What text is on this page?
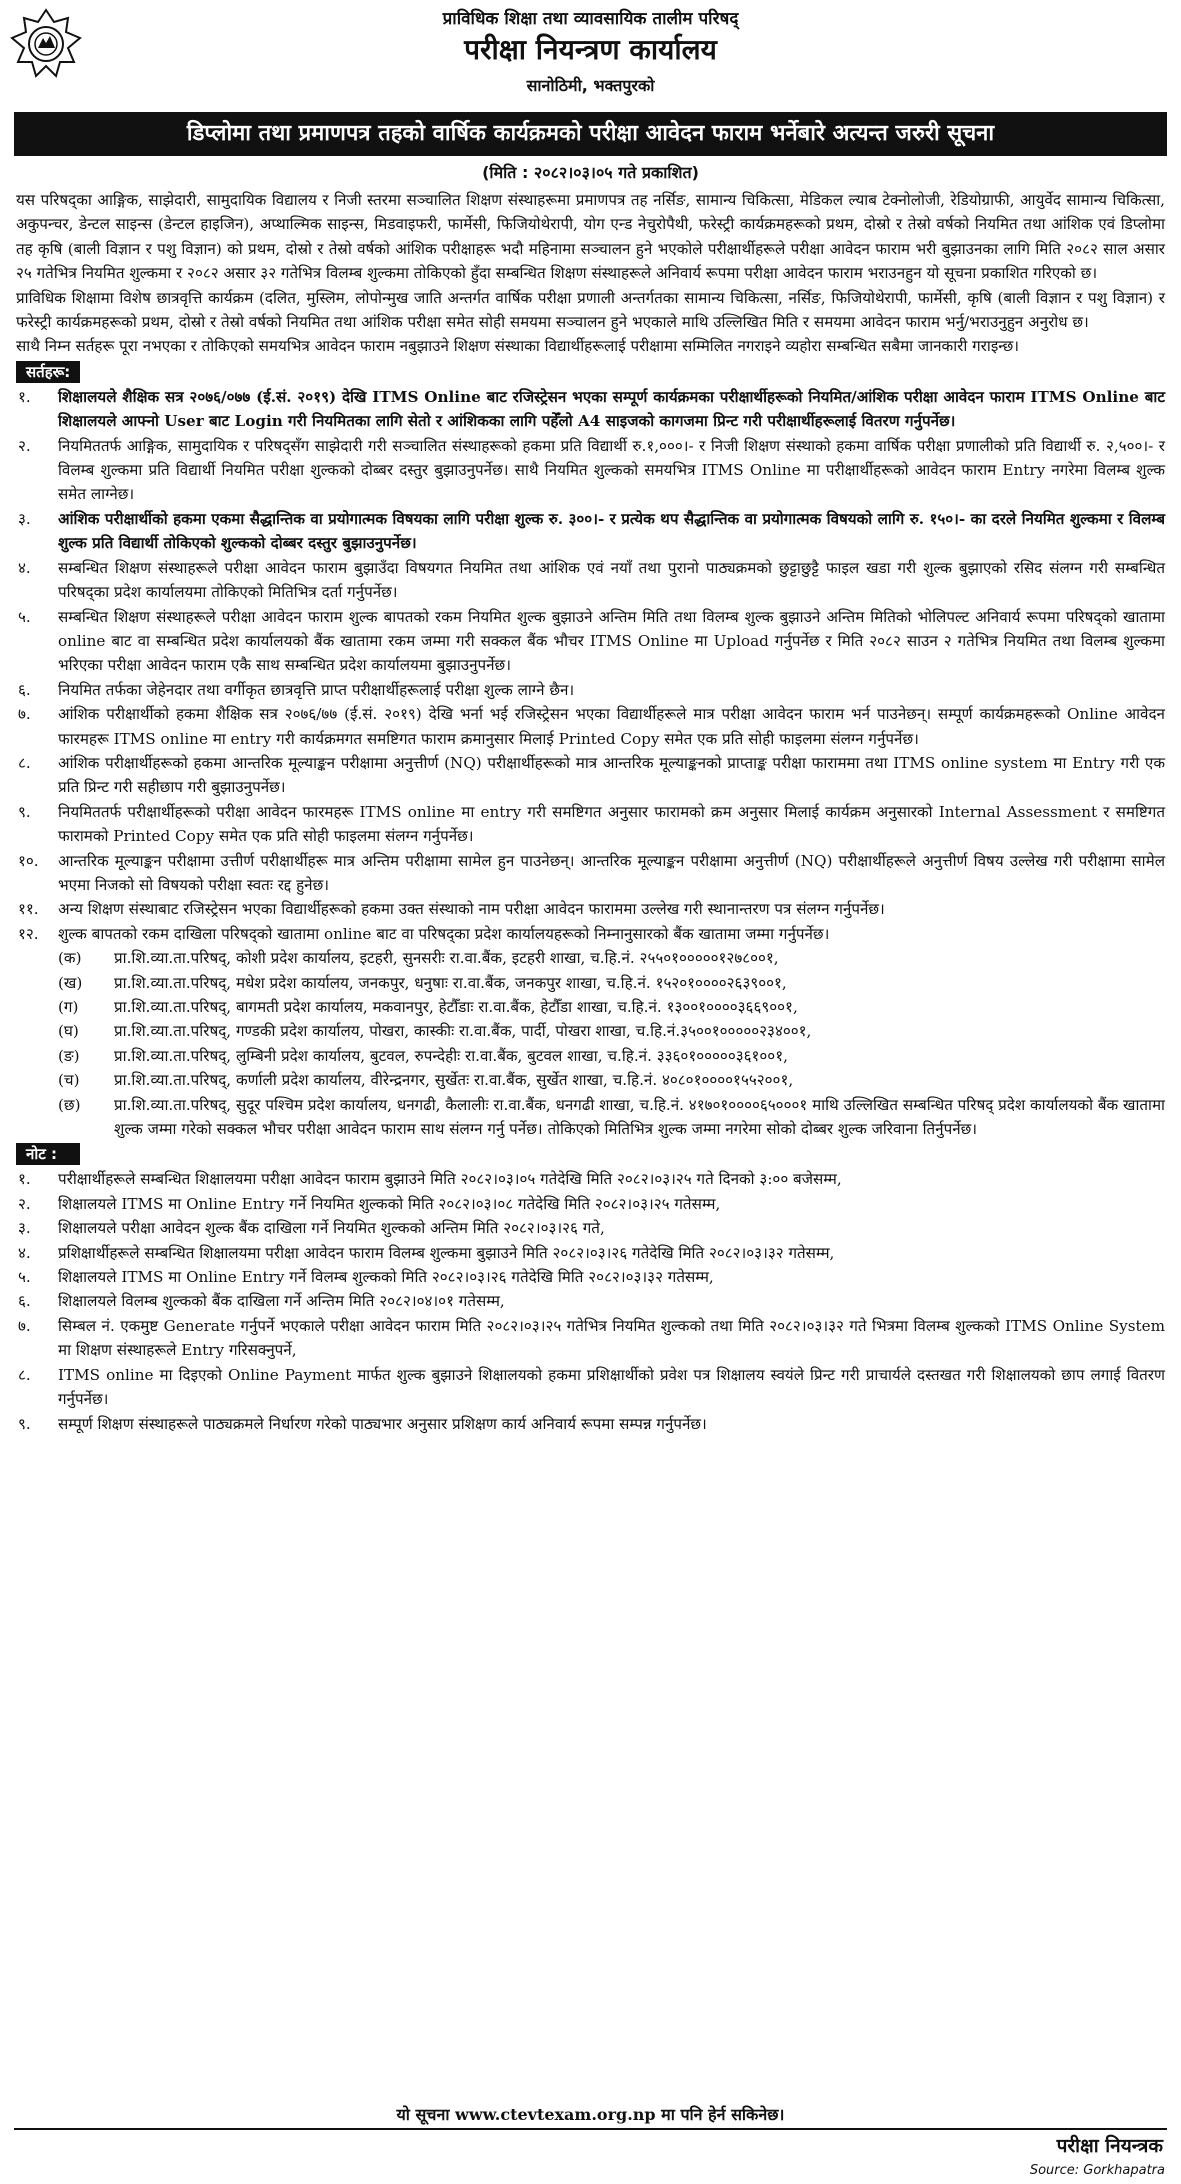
प्राविधिक शिक्षा तथा व्यावसायिक तालीम परिषद्
परीक्षा नियन्त्रण कार्यालय
सानोठिमी, भक्तपुरको
डिप्लोमा तथा प्रमाणपत्र तहको वार्षिक कार्यक्रमको परीक्षा आवेदन फाराम भर्नेबारे अत्यन्त जरुरी सूचना
(मिति : २०८२।०३।०५ गते प्रकाशित)

यस परिषद्का आङ्गिक, साझेदारी, सामुदायिक विद्यालय र निजी स्तरमा सञ्चालित शिक्षण संस्थाहरूमा प्रमाणपत्र तह नर्सिङ, सामान्य चिकित्सा, मेडिकल ल्याब टेक्नोलोजी, रेडियोग्राफी, आयुर्वेद सामान्य चिकित्सा, अकुपन्चर, डेन्टल साइन्स (डेन्टल हाइजिन), अप्थाल्मिक साइन्स, मिडवाइफरी, फार्मेसी, फिजियोथेरापी, योग एन्ड नेचुरोपैथी, फरेस्ट्री कार्यक्रमहरूको प्रथम, दोस्रो र तेस्रो वर्षको नियमित तथा आंशिक एवं डिप्लोमा तह कृषि (बाली विज्ञान र पशु विज्ञान) को प्रथम, दोस्रो र तेस्रो वर्षको आंशिक परीक्षाहरू भदौ महिनामा सञ्चालन हुने भएकोले परीक्षार्थीहरूले परीक्षा आवेदन फाराम भरी बुझाउनका लागि मिति २०८२ साल असार २५ गतेभित्र नियमित शुल्कमा र २०८२ असार ३२ गतेभित्र विलम्ब शुल्कमा तोकिएको हुँदा सम्बन्धित शिक्षण संस्थाहरूले अनिवार्य रूपमा परीक्षा आवेदन फाराम भराउनहुन यो सूचना प्रकाशित गरिएको छ।

प्राविधिक शिक्षामा विशेष छात्रवृत्ति कार्यक्रम (दलित, मुस्लिम, लोपोन्मुख जाति अन्तर्गत वार्षिक परीक्षा प्रणाली अन्तर्गतका सामान्य चिकित्सा, नर्सिङ, फिजियोथेरापी, फार्मेसी, कृषि (बाली विज्ञान र पशु विज्ञान) र फरेस्ट्री कार्यक्रमहरूको प्रथम, दोस्रो र तेस्रो वर्षको नियमित तथा आंशिक परीक्षा समेत सोही समयमा सञ्चालन हुने भएकाले माथि उल्लिखित मिति र समयमा आवेदन फाराम भर्नु/भराउनुहुन अनुरोध छ।

साथै निम्न सर्तहरू पूरा नभएका र तोकिएको समयभित्र आवेदन फाराम नबुझाउने शिक्षण संस्थाका विद्यार्थीहरूलाई परीक्षामा सम्मिलित नगराइने व्यहोरा सम्बन्धित सबैमा जानकारी गराइन्छ।

सर्तहरू:
१.	शिक्षालयले शैक्षिक सत्र २०७६/०७७ (ई.सं. २०१९) देखि ITMS Online बाट रजिस्ट्रेसन भएका सम्पूर्ण कार्यक्रमका परीक्षार्थीहरूको नियमित/आंशिक परीक्षा आवेदन फाराम ITMS Online बाट शिक्षालयले आफ्नो User बाट Login गरी नियमितका लागि सेतो र आंशिकका लागि पहेँलो A4 साइजको कागजमा प्रिन्ट गरी परीक्षार्थीहरूलाई वितरण गर्नुपर्नेछ।
२.	नियमिततर्फ आङ्गिक, सामुदायिक र परिषद्सँग साझेदारी गरी सञ्चालित संस्थाहरूको हकमा प्रति विद्यार्थी रु.१,०००।- र निजी शिक्षण संस्थाको हकमा वार्षिक परीक्षा प्रणालीको प्रति विद्यार्थी रु. २,५००।- र विलम्ब शुल्कमा प्रति विद्यार्थी नियमित परीक्षा शुल्कको दोब्बर दस्तुर बुझाउनुपर्नेछ। साथै नियमित शुल्कको समयभित्र ITMS Online मा परीक्षार्थीहरूको आवेदन फाराम Entry नगरेमा विलम्ब शुल्क समेत लाग्नेछ।
३.	आंशिक परीक्षार्थीको हकमा एकमा सैद्धान्तिक वा प्रयोगात्मक विषयका लागि परीक्षा शुल्क रु. ३००।- र प्रत्येक थप सैद्धान्तिक वा प्रयोगात्मक विषयको लागि रु. १५०।- का दरले नियमित शुल्कमा र विलम्ब शुल्क प्रति विद्यार्थी तोकिएको शुल्कको दोब्बर दस्तुर बुझाउनुपर्नेछ।
४.	सम्बन्धित शिक्षण संस्थाहरूले परीक्षा आवेदन फाराम बुझाउँदा विषयगत नियमित तथा आंशिक एवं नयाँ तथा पुरानो पाठ्यक्रमको छुट्टाछुट्टै फाइल खडा गरी शुल्क बुझाएको रसिद संलग्न गरी सम्बन्धित परिषद्का प्रदेश कार्यालयमा तोकिएको मितिभित्र दर्ता गर्नुपर्नेछ।
५.	सम्बन्धित शिक्षण संस्थाहरूले परीक्षा आवेदन फाराम शुल्क बापतको रकम नियमित शुल्क बुझाउने अन्तिम मिति तथा विलम्ब शुल्क बुझाउने अन्तिम मितिको भोलिपल्ट अनिवार्य रूपमा परिषद्को खातामा online बाट वा सम्बन्धित प्रदेश कार्यालयको बैंक खातामा रकम जम्मा गरी सक्कल बैंक भौचर ITMS Online मा Upload गर्नुपर्नेछ र मिति २०८२ साउन २ गतेभित्र नियमित तथा विलम्ब शुल्कमा भरिएका परीक्षा आवेदन फाराम एकै साथ सम्बन्धित प्रदेश कार्यालयमा बुझाउनुपर्नेछ।
६.	नियमित तर्फका जेहेनदार तथा वर्गीकृत छात्रवृत्ति प्राप्त परीक्षार्थीहरूलाई परीक्षा शुल्क लाग्ने छैन।
७.	आंशिक परीक्षार्थीको हकमा शैक्षिक सत्र २०७६/७७ (ई.सं. २०१९) देखि भर्ना भई रजिस्ट्रेसन भएका विद्यार्थीहरूले मात्र परीक्षा आवेदन फाराम भर्न पाउनेछन्। सम्पूर्ण कार्यक्रमहरूको Online आवेदन फारमहरू ITMS online मा entry गरी कार्यक्रमगत समष्टिगत फाराम क्रमानुसार मिलाई Printed Copy समेत एक प्रति सोही फाइलमा संलग्न गर्नुपर्नेछ।
८.	आंशिक परीक्षार्थीहरूको हकमा आन्तरिक मूल्याङ्कन परीक्षामा अनुत्तीर्ण (NQ) परीक्षार्थीहरूको मात्र आन्तरिक मूल्याङ्कनको प्राप्ताङ्क परीक्षा फाराममा तथा ITMS online system मा Entry गरी एक प्रति प्रिन्ट गरी सहीछाप गरी बुझाउनुपर्नेछ।
९.	नियमिततर्फ परीक्षार्थीहरूको परीक्षा आवेदन फारमहरू ITMS online मा entry गरी समष्टिगत अनुसार फारामको क्रम अनुसार मिलाई कार्यक्रम अनुसारको Internal Assessment र समष्टिगत फारामको Printed Copy समेत एक प्रति सोही फाइलमा संलग्न गर्नुपर्नेछ।
१०.	आन्तरिक मूल्याङ्कन परीक्षामा उत्तीर्ण परीक्षार्थीहरू मात्र अन्तिम परीक्षामा सामेल हुन पाउनेछन्। आन्तरिक मूल्याङ्कन परीक्षामा अनुत्तीर्ण (NQ) परीक्षार्थीहरूले अनुत्तीर्ण विषय उल्लेख गरी परीक्षामा सामेल भएमा निजको सो विषयको परीक्षा स्वतः रद्द हुनेछ।
११.	अन्य शिक्षण संस्थाबाट रजिस्ट्रेसन भएका विद्यार्थीहरूको हकमा उक्त संस्थाको नाम परीक्षा आवेदन फाराममा उल्लेख गरी स्थानान्तरण पत्र संलग्न गर्नुपर्नेछ।
१२.	शुल्क बापतको रकम दाखिला परिषद्को खातामा online बाट वा परिषद्का प्रदेश कार्यालयहरूको निम्नानुसारको बैंक खातामा जम्मा गर्नुपर्नेछ।
(क)	प्रा.शि.व्या.ता.परिषद्, कोशी प्रदेश कार्यालय, इटहरी, सुनसरीः रा.वा.बैंक, इटहरी शाखा, च.हि.नं. २५५०१०००००१२७८००१,
(ख)	प्रा.शि.व्या.ता.परिषद्, मधेश प्रदेश कार्यालय, जनकपुर, धनुषाः रा.वा.बैंक, जनकपुर शाखा, च.हि.नं. १५२०१००००२६३९००१,
(ग)	प्रा.शि.व्या.ता.परिषद्, बागमती प्रदेश कार्यालय, मकवानपुर, हेटौँडाः रा.वा.बैंक, हेटौँडा शाखा, च.हि.नं. १३००१००००३६६९००१,
(घ)	प्रा.शि.व्या.ता.परिषद्, गण्डकी प्रदेश कार्यालय, पोखरा, कास्कीः रा.वा.बैंक, पार्दी, पोखरा शाखा, च.हि.नं.३५००१०००००२३४००१,
(ङ)	प्रा.शि.व्या.ता.परिषद्, लुम्बिनी प्रदेश कार्यालय, बुटवल, रुपन्देहीः रा.वा.बैंक, बुटवल शाखा, च.हि.नं. ३३६०१०००००३६१००१,
(च)	प्रा.शि.व्या.ता.परिषद्, कर्णाली प्रदेश कार्यालय, वीरेन्द्रनगर, सुर्खेतः रा.वा.बैंक, सुर्खेत शाखा, च.हि.नं. ४०८०१००००१५५२००१,
(छ)	प्रा.शि.व्या.ता.परिषद्, सुदूर पश्चिम प्रदेश कार्यालय, धनगढी, कैलालीः रा.वा.बैंक, धनगढी शाखा, च.हि.नं. ४१७०१००००६५०००१ माथि उल्लिखित सम्बन्धित परिषद् प्रदेश कार्यालयको बैंक खातामा शुल्क जम्मा गरेको सक्कल भौचर परीक्षा आवेदन फाराम साथ संलग्न गर्नु पर्नेछ। तोकिएको मितिभित्र शुल्क जम्मा नगरेमा सोको दोब्बर शुल्क जरिवाना तिर्नुपर्नेछ।
नोट :
१.	परीक्षार्थीहरूले सम्बन्धित शिक्षालयमा परीक्षा आवेदन फाराम बुझाउने मिति २०८२।०३।०५ गतेदेखि मिति २०८२।०३।२५ गते दिनको ३:०० बजेसम्म,
२.	शिक्षालयले ITMS मा Online Entry गर्ने नियमित शुल्कको मिति २०८२।०३।०८ गतेदेखि मिति २०८२।०३।२५ गतेसम्म,
३.	शिक्षालयले परीक्षा आवेदन शुल्क बैंक दाखिला गर्ने नियमित शुल्कको अन्तिम मिति २०८२।०३।२६ गते,
४.	प्रशिक्षार्थीहरूले सम्बन्धित शिक्षालयमा परीक्षा आवेदन फाराम विलम्ब शुल्कमा बुझाउने मिति २०८२।०३।२६ गतेदेखि मिति २०८२।०३।३२ गतेसम्म,
५.	शिक्षालयले ITMS मा Online Entry गर्ने विलम्ब शुल्कको मिति २०८२।०३।२६ गतेदेखि मिति २०८२।०३।३२ गतेसम्म,
६.	शिक्षालयले विलम्ब शुल्कको बैंक दाखिला गर्ने अन्तिम मिति २०८२।०४।०१ गतेसम्म,
७.	सिम्बल नं. एकमुष्ट Generate गर्नुपर्ने भएकाले परीक्षा आवेदन फाराम मिति २०८२।०३।२५ गतेभित्र नियमित शुल्कको तथा मिति २०८२।०३।३२ गते भित्रमा विलम्ब शुल्कको ITMS Online System मा शिक्षण संस्थाहरूले Entry गरिसक्नुपर्ने,
८.	ITMS online मा दिइएको Online Payment मार्फत शुल्क बुझाउने शिक्षालयको हकमा प्रशिक्षार्थीको प्रवेश पत्र शिक्षालय स्वयंले प्रिन्ट गरी प्राचार्यले दस्तखत गरी शिक्षालयको छाप लगाई वितरण गर्नुपर्नेछ।
९.	सम्पूर्ण शिक्षण संस्थाहरूले पाठ्यक्रमले निर्धारण गरेको पाठ्यभार अनुसार प्रशिक्षण कार्य अनिवार्य रूपमा सम्पन्न गर्नुपर्नेछ।
यो सूचना www.ctevtexam.org.np मा पनि हेर्न सकिनेछ।
परीक्षा नियन्त्रक
Source: Gorkhapatra
